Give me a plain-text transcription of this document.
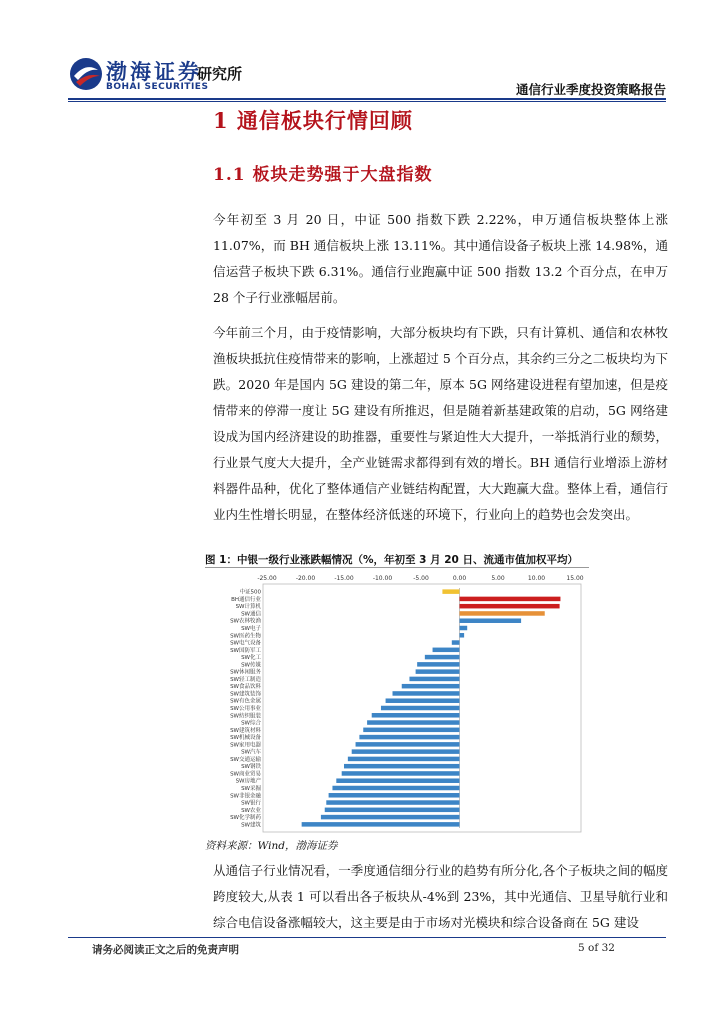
渤海证券
BOHAI SECURITIES
研究所
通信行业季度投资策略报告
1 通信板块行情回顾
1.1 板块走势强于大盘指数
今年初至 3 月 20 日，中证 500 指数下跌 2.22%，申万通信板块整体上涨 11.07%，而 BH 通信板块上涨 13.11%。其中通信设备子板块上涨 14.98%，通信运营子板块下跌 6.31%。通信行业跑赢中证 500 指数 13.2 个百分点，在申万 28 个子行业涨幅居前。
今年前三个月，由于疫情影响，大部分板块均有下跌，只有计算机、通信和农林牧渔板块抵抗住疫情带来的影响，上涨超过 5 个百分点，其余约三分之二板块均为下跌。2020 年是国内 5G 建设的第二年，原本 5G 网络建设进程有望加速，但是疫情带来的停滞一度让 5G 建设有所推迟，但是随着新基建政策的启动，5G 网络建设成为国内经济建设的助推器，重要性与紧迫性大大提升，一举抵消行业的颓势，行业景气度大大提升，全产业链需求都得到有效的增长。BH 通信行业增添上游材料器件品种，优化了整体通信产业链结构配置，大大跑赢大盘。整体上看，通信行业内生性增长明显，在整体经济低迷的环境下，行业向上的趋势也会发突出。
图 1：中银一级行业涨跌幅情况（%，年初至 3 月 20 日、流通市值加权平均）
-25.00	-20.00	-15.00	-10.00	-5.00	0.00	5.00	10.00	15.00
中证500
BH通信行业
SW计算机
SW通信
SW农林牧渔
SW电子
SW医药生物
SW电气设备
SW国防军工
SW化工
SW传媒
SW休闲服务
SW轻工制造
SW食品饮料
SW建筑装饰
SW有色金属
SW公用事业
SW纺织服装
SW综合
SW建筑材料
SW机械设备
SW家用电器
SW汽车
SW交通运输
SW钢铁
SW商业贸易
SW房地产
SW采掘
SW非银金融
SW银行
SW农业
SW化学制药
SW建筑
资料来源：Wind，渤海证券
从通信子行业情况看，一季度通信细分行业的趋势有所分化,各个子板块之间的幅度跨度较大,从表 1 可以看出各子板块从-4%到 23%，其中光通信、卫星导航行业和综合电信设备涨幅较大，这主要是由于市场对光模块和综合设备商在 5G 建设
请务必阅读正文之后的免责声明	5 of 32
